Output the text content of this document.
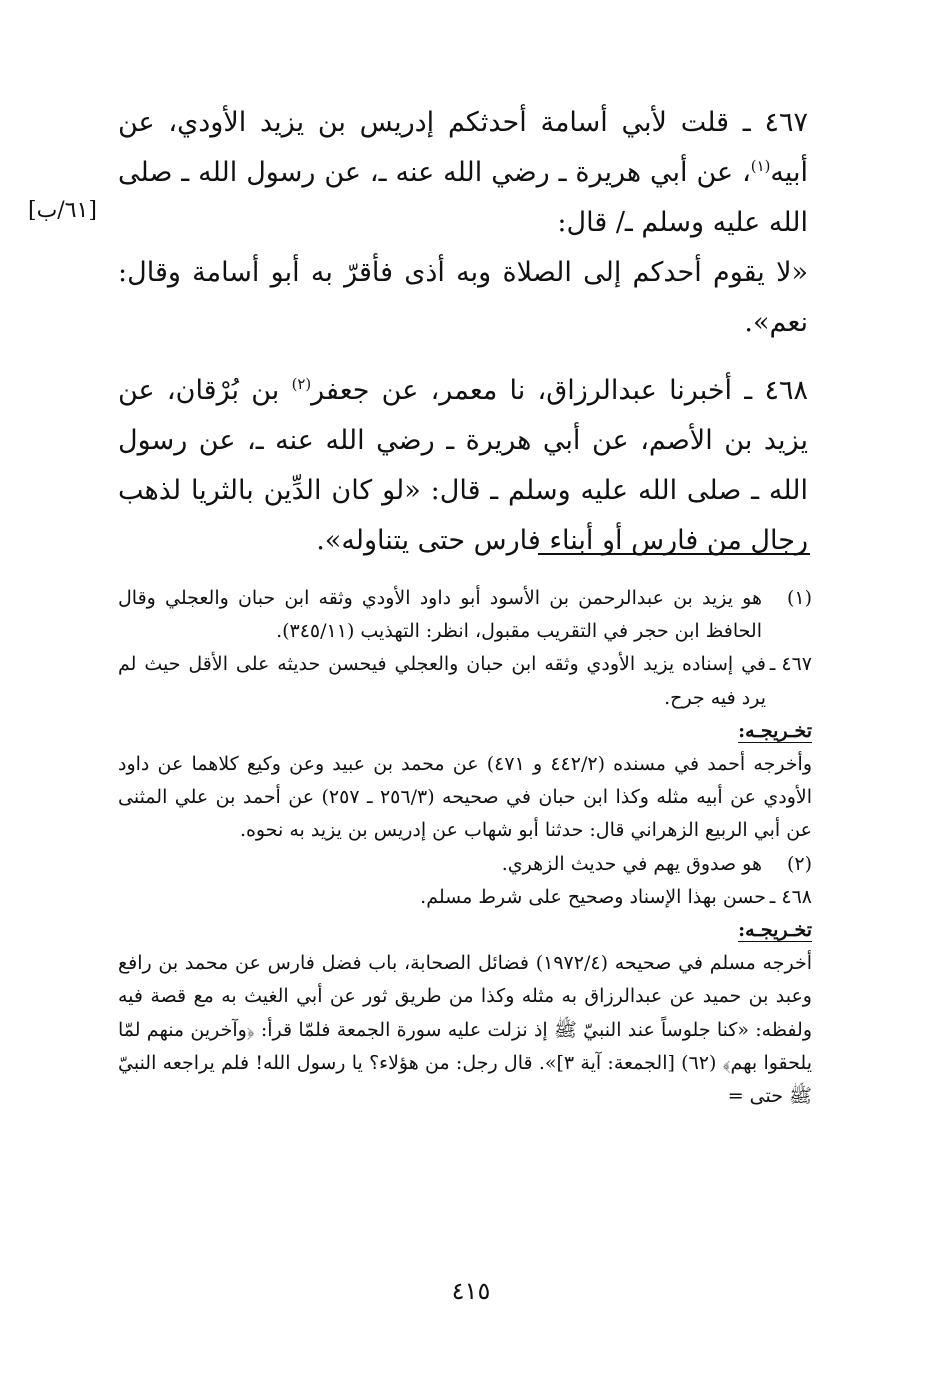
[٦١/ب]

٤٦٧ ـ قلت لأبي أسامة أحدثكم إدريس بن يزيد الأودي، عن أبيه$^{(١)}$، عن أبي هريرة ـ رضي الله عنه ـ، عن رسول الله ـ صلى الله عليه وسلم ـ/ قال:

«لا يقوم أحدكم إلى الصلاة وبه أذى فأقرّ به أبو أسامة وقال: نعم».

٤٦٨ ـ أخبرنا عبدالرزاق، نا معمر، عن جعفر$^{(٢)}$ بن بُرْقان، عن يزيد بن الأصم، عن أبي هريرة ـ رضي الله عنه ـ، عن رسول الله ـ صلى الله عليه وسلم ـ قال: «لو كان الدِّين بالثريا لذهب رجال من فارس أو أبناء فارس حتى يتناوله».

(١)
هو يزيد بن عبدالرحمن بن الأسود أبو داود الأودي وثقه ابن حبان والعجلي وقال الحافظ ابن حجر في التقريب مقبول، انظر: التهذيب (٣٤٥/١١).
٤٦٧ ـ
في إسناده يزيد الأودي وثقه ابن حبان والعجلي فيحسن حديثه على الأقل حيث لم يرد فيه جرح.
تخـريجـه:
وأخرجه أحمد في مسنده (٤٤٢/٢ و ٤٧١) عن محمد بن عبيد وعن وكيع كلاهما عن داود الأودي عن أبيه مثله وكذا ابن حبان في صحيحه (٢٥٦/٣ ـ ٢٥٧) عن أحمد بن علي المثنى عن أبي الربيع الزهراني قال: حدثنا أبو شهاب عن إدريس بن يزيد به نحوه.
(٢)
هو صدوق يهم في حديث الزهري.
٤٦٨ ـ
حسن بهذا الإسناد وصحيح على شرط مسلم.
تخـريجـه:
أخرجه مسلم في صحيحه (١٩٧٢/٤) فضائل الصحابة، باب فضل فارس عن محمد بن رافع وعبد بن حميد عن عبدالرزاق به مثله وكذا من طريق ثور عن أبي الغيث به مع قصة فيه ولفظه: «كنا جلوساً عند النبيّ ﷺ إذ نزلت عليه سورة الجمعة فلمّا قرأ: ﴿وآخرين منهم لمّا يلحقوا بهم﴾ (٦٢) [الجمعة: آية ٣]». قال رجل: من هؤلاء؟ يا رسول الله! فلم يراجعه النبيّ ﷺ حتى =
٤١٥
